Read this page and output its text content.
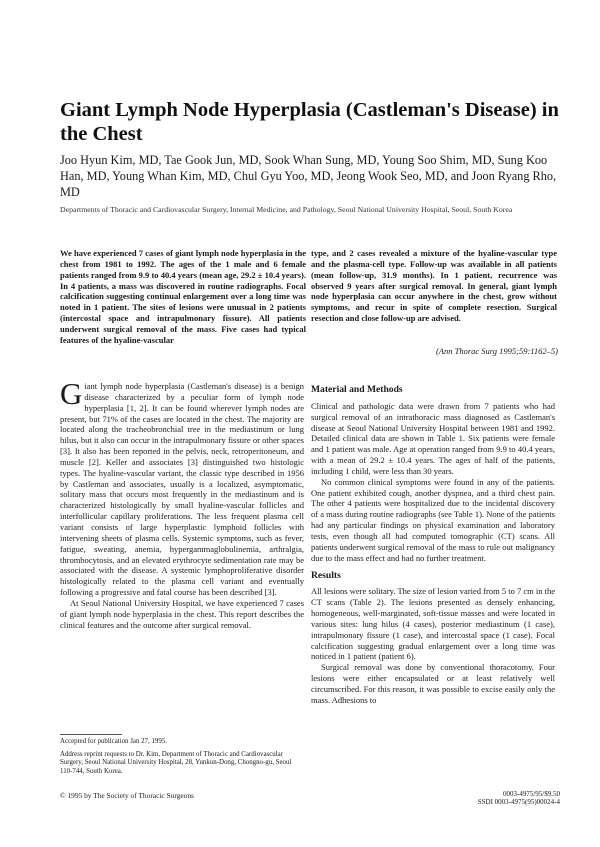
Giant Lymph Node Hyperplasia (Castleman's Disease) in the Chest
Joo Hyun Kim, MD, Tae Gook Jun, MD, Sook Whan Sung, MD, Young Soo Shim, MD, Sung Koo Han, MD, Young Whan Kim, MD, Chul Gyu Yoo, MD, Jeong Wook Seo, MD, and Joon Ryang Rho, MD
Departments of Thoracic and Cardiovascular Surgery, Internal Medicine, and Pathology, Seoul National University Hospital, Seoul, South Korea
We have experienced 7 cases of giant lymph node hyperplasia in the chest from 1981 to 1992. The ages of the 1 male and 6 female patients ranged from 9.9 to 40.4 years (mean age, 29.2 ± 10.4 years). In 4 patients, a mass was discovered in routine radiographs. Focal calcification suggesting continual enlargement over a long time was noted in 1 patient. The sites of lesions were unusual in 2 patients (intercostal space and intrapulmonary fissure). All patients underwent surgical removal of the mass. Five cases had typical features of the hyaline-vascular
type, and 2 cases revealed a mixture of the hyaline-vascular type and the plasma-cell type. Follow-up was available in all patients (mean follow-up, 31.9 months). In 1 patient, recurrence was observed 9 years after surgical removal. In general, giant lymph node hyperplasia can occur anywhere in the chest, grow without symptoms, and recur in spite of complete resection. Surgical resection and close follow-up are advised.
(Ann Thorac Surg 1995;59:1162–5)

Giant lymph node hyperplasia (Castleman's disease) is a benign disease characterized by a peculiar form of lymph node hyperplasia [1, 2]. It can be found wherever lymph nodes are present, but 71% of the cases are located in the chest. The majority are located along the tracheobronchial tree in the mediastinum or lung hilus, but it also can occur in the intrapulmonary fissure or other spaces [3]. It also has been reported in the pelvis, neck, retroperitoneum, and muscle [2]. Keller and associates [3] distinguished two histologic types. The hyaline-vascular variant, the classic type described in 1956 by Castleman and associates, usually is a localized, asymptomatic, solitary mass that occurs most frequently in the mediastinum and is characterized histologically by small hyaline-vascular follicles and interfollicular capillary proliferations. The less frequent plasma cell variant consists of large hyperplastic lymphoid follicles with intervening sheets of plasma cells. Systemic symptoms, such as fever, fatigue, sweating, anemia, hypergammaglobulinemia, arthralgia, thrombocytosis, and an elevated erythrocyte sedimentation rate may be associated with the disease. A systemic lymphoproliferative disorder histologically related to the plasma cell variant and eventually following a progressive and fatal course has been described [3].

At Seoul National University Hospital, we have experienced 7 cases of giant lymph node hyperplasia in the chest. This report describes the clinical features and the outcome after surgical removal.

Material and Methods

Clinical and pathologic data were drawn from 7 patients who had surgical removal of an intrathoracic mass diagnosed as Castleman's disease at Seoul National University Hospital between 1981 and 1992. Detailed clinical data are shown in Table 1. Six patients were female and 1 patient was male. Age at operation ranged from 9.9 to 40.4 years, with a mean of 29.2 ± 10.4 years. The ages of half of the patients, including 1 child, were less than 30 years.

No common clinical symptoms were found in any of the patients. One patient exhibited cough, another dyspnea, and a third chest pain. The other 4 patients were hospitalized due to the incidental discovery of a mass during routine radiographs (see Table 1). None of the patients had any particular findings on physical examination and laboratory tests, even though all had computed tomographic (CT) scans. All patients underwent surgical removal of the mass to rule out malignancy due to the mass effect and had no further treatment.

Results

All lesions were solitary. The size of lesion varied from 5 to 7 cm in the CT scans (Table 2). The lesions presented as densely enhancing, homogeneous, well-marginated, soft-tissue masses and were located in various sites: lung hilus (4 cases), posterior mediastinum (1 case), intrapulmonary fissure (1 case), and intercostal space (1 case). Focal calcification suggesting gradual enlargement over a long time was noticed in 1 patient (patient 6).

Surgical removal was done by conventional thoracotomy. Four lesions were either encapsulated or at least relatively well circumscribed. For this reason, it was possible to excise easily only the mass. Adhesions to

Accepted for publication Jan 27, 1995.
Address reprint requests to Dr. Kim, Department of Thoracic and Cardiovascular Surgery, Seoul National University Hospital, 28, Yunkun-Dong, Chongno-gu, Seoul 110-744, South Korea.
© 1995 by The Society of Thoracic Surgeons	0003-4975/95/$9.50
SSDI 0003-4975(95)00024-4
